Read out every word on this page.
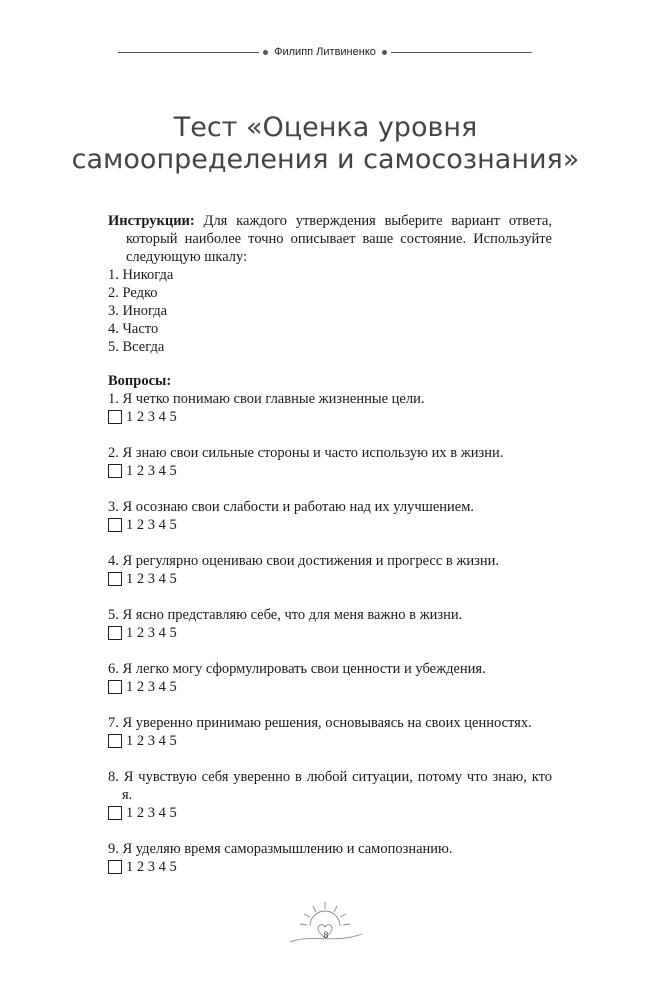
Филипп Литвиненко
Тест «Оценка уровня
самоопределения и самосознания»

Инструкции: Для каждого утверждения выберите вариант ответа, который наиболее точно описывает ваше состояние. Используйте следующую шкалу:

1. Никогда
2. Редко
3. Иногда
4. Часто
5. Всегда
Вопросы:
1. Я четко понимаю свои главные жизненные цели.
1 2 3 4 5
2. Я знаю свои сильные стороны и часто использую их в жизни.
1 2 3 4 5
3. Я осознаю свои слабости и работаю над их улучшением.
1 2 3 4 5
4. Я регулярно оцениваю свои достижения и прогресс в жизни.
1 2 3 4 5
5. Я ясно представляю себе, что для меня важно в жизни.
1 2 3 4 5
6. Я легко могу сформулировать свои ценности и убеждения.
1 2 3 4 5
7. Я уверенно принимаю решения, основываясь на своих ценностях.
1 2 3 4 5
8. Я чувствую себя уверенно в любой ситуации, потому что знаю, кто я.
1 2 3 4 5
9. Я уделяю время саморазмышлению и самопознанию.
1 2 3 4 5
8
